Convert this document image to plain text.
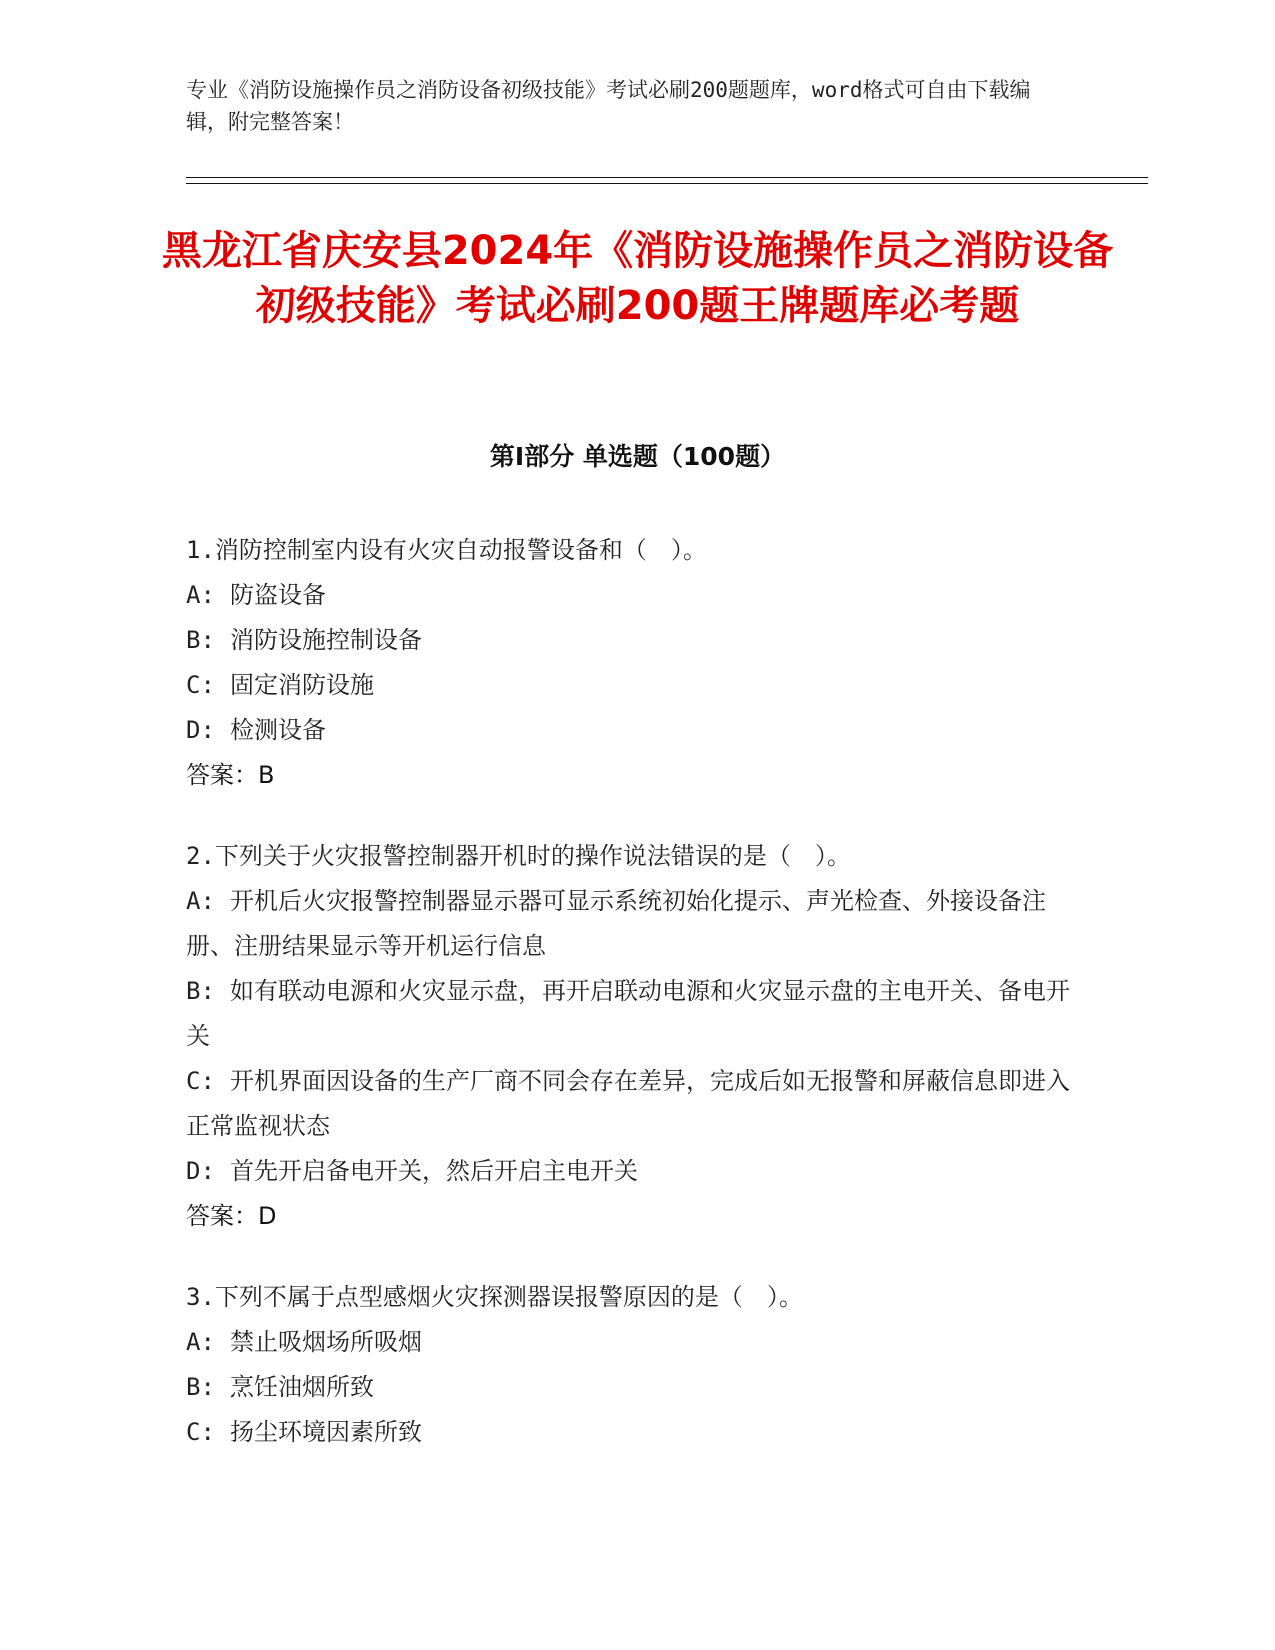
专业《消防设施操作员之消防设备初级技能》考试必刷200题题库，word格式可自由下载编辑，附完整答案！
黑龙江省庆安县2024年《消防设施操作员之消防设备初级技能》考试必刷200题王牌题库必考题
第Ⅰ部分 单选题（100题）
1.消防控制室内设有火灾自动报警设备和（　）。
A: 防盗设备
B: 消防设施控制设备
C: 固定消防设施
D: 检测设备
答案：B
2.下列关于火灾报警控制器开机时的操作说法错误的是（　）。
A: 开机后火灾报警控制器显示器可显示系统初始化提示、声光检查、外接设备注册、注册结果显示等开机运行信息
B: 如有联动电源和火灾显示盘，再开启联动电源和火灾显示盘的主电开关、备电开关
C: 开机界面因设备的生产厂商不同会存在差异，完成后如无报警和屏蔽信息即进入正常监视状态
D: 首先开启备电开关，然后开启主电开关
答案：D
3.下列不属于点型感烟火灾探测器误报警原因的是（　）。
A: 禁止吸烟场所吸烟
B: 烹饪油烟所致
C: 扬尘环境因素所致
